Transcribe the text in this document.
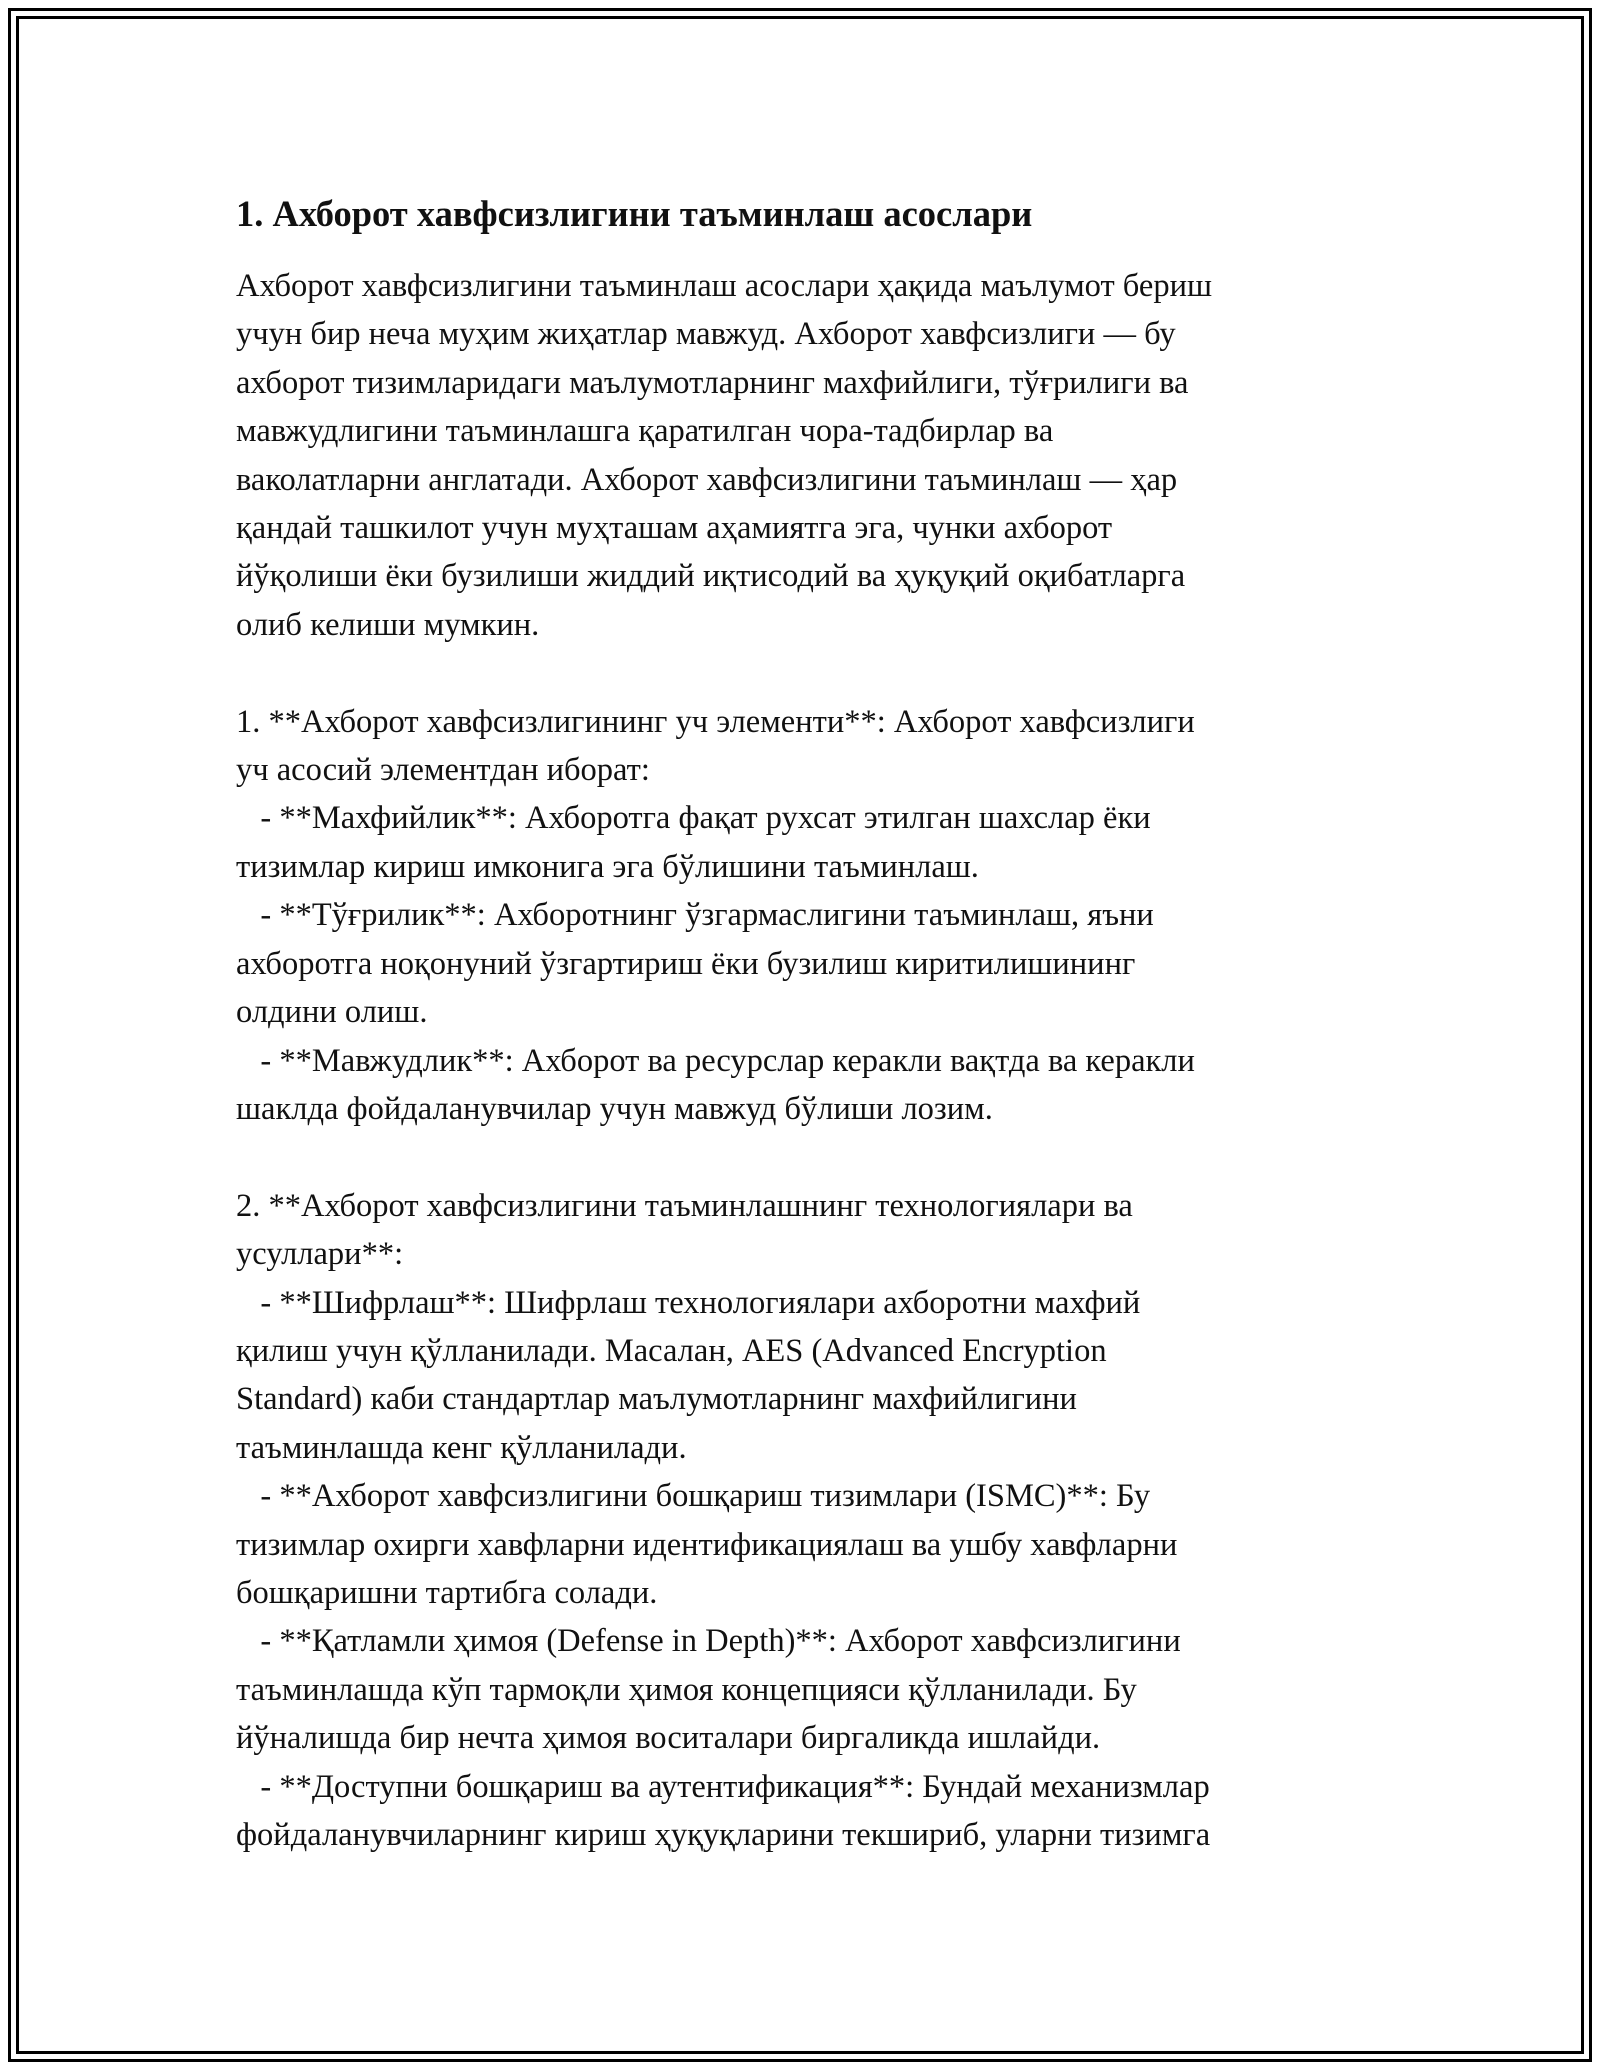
1. Ахборот хавфсизлигини таъминлаш асослари

Ахборот хавфсизлигини таъминлаш асослари ҳақида маълумот бериш
учун бир неча муҳим жиҳатлар мавжуд. Ахборот хавфсизлиги — бу
ахборот тизимларидаги маълумотларнинг махфийлиги, тўғрилиги ва
мавжудлигини таъминлашга қаратилган чора-тадбирлар ва
ваколатларни англатади. Ахборот хавфсизлигини таъминлаш — ҳар
қандай ташкилот учун муҳташам аҳамиятга эга, чунки ахборот
йўқолиши ёки бузилиши жиддий иқтисодий ва ҳуқуқий оқибатларга
олиб келиши мумкин.

1. **Ахборот хавфсизлигининг уч элементи**: Ахборот хавфсизлиги
уч асосий элементдан иборат:
- **Махфийлик**: Ахборотга фақат рухсат этилган шахслар ёки
тизимлар кириш имконига эга бўлишини таъминлаш.
- **Тўғрилик**: Ахборотнинг ўзгармаслигини таъминлаш, яъни
ахборотга ноқонуний ўзгартириш ёки бузилиш киритилишининг
олдини олиш.
- **Мавжудлик**: Ахборот ва ресурслар керакли вақтда ва керакли
шаклда фойдаланувчилар учун мавжуд бўлиши лозим.

2. **Ахборот хавфсизлигини таъминлашнинг технологиялари ва
усуллари**:
- **Шифрлаш**: Шифрлаш технологиялари ахборотни махфий
қилиш учун қўлланилади. Масалан, AES (Advanced Encryption
Standard) каби стандартлар маълумотларнинг махфийлигини
таъминлашда кенг қўлланилади.
- **Ахборот хавфсизлигини бошқариш тизимлари (ISMC)**: Бу
тизимлар охирги хавфларни идентификациялаш ва ушбу хавфларни
бошқаришни тартибга солади.
- **Қатламли ҳимоя (Defense in Depth)**: Ахборот хавфсизлигини
таъминлашда кўп тармоқли ҳимоя концепцияси қўлланилади. Бу
йўналишда бир нечта ҳимоя воситалари биргаликда ишлайди.
- **Доступни бошқариш ва аутентификация**: Бундай механизмлар
фойдаланувчиларнинг кириш ҳуқуқларини текшириб, уларни тизимга
